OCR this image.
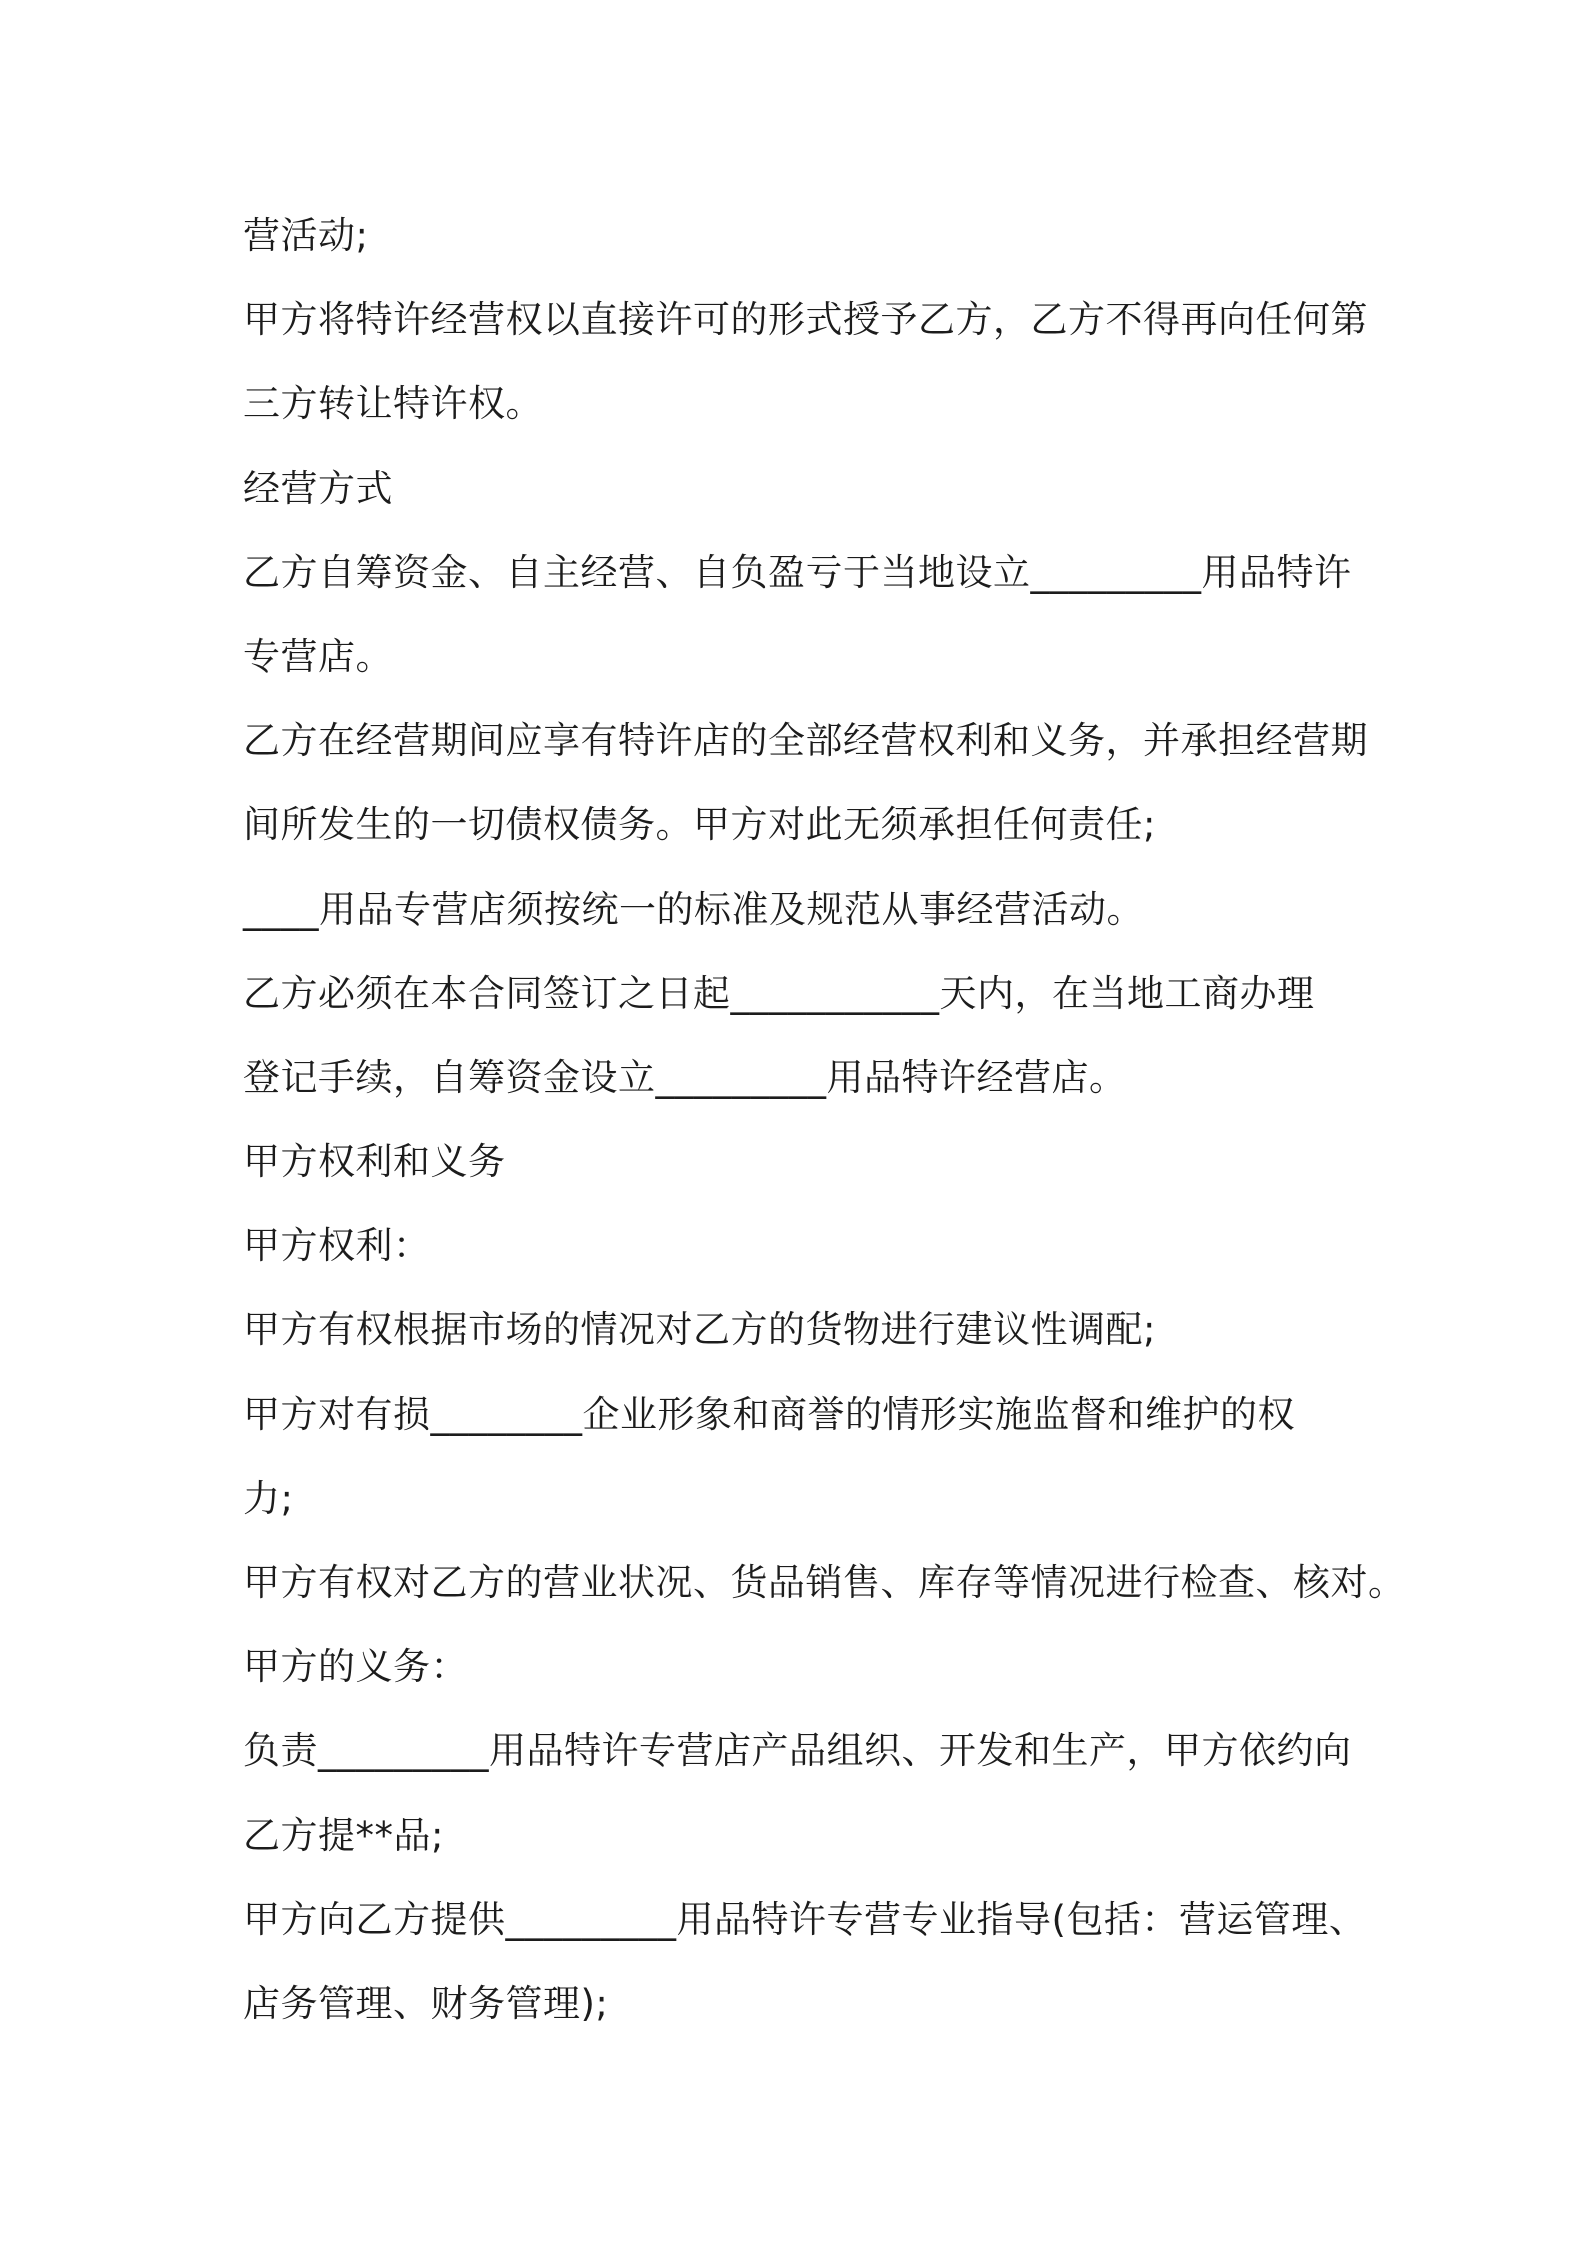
营活动;
甲方将特许经营权以直接许可的形式授予乙方，乙方不得再向任何第
三方转让特许权。
经营方式
乙方自筹资金、自主经营、自负盈亏于当地设立_________用品特许
专营店。
乙方在经营期间应享有特许店的全部经营权利和义务，并承担经营期
间所发生的一切债权债务。甲方对此无须承担任何责任;
____用品专营店须按统一的标准及规范从事经营活动。
乙方必须在本合同签订之日起___________天内，在当地工商办理
登记手续，自筹资金设立_________用品特许经营店。
甲方权利和义务
甲方权利：
甲方有权根据市场的情况对乙方的货物进行建议性调配;
甲方对有损________企业形象和商誉的情形实施监督和维护的权
力;
甲方有权对乙方的营业状况、货品销售、库存等情况进行检查、核对。
甲方的义务：
负责_________用品特许专营店产品组织、开发和生产，甲方依约向
乙方提**品;
甲方向乙方提供_________用品特许专营专业指导(包括：营运管理、
店务管理、财务管理);
